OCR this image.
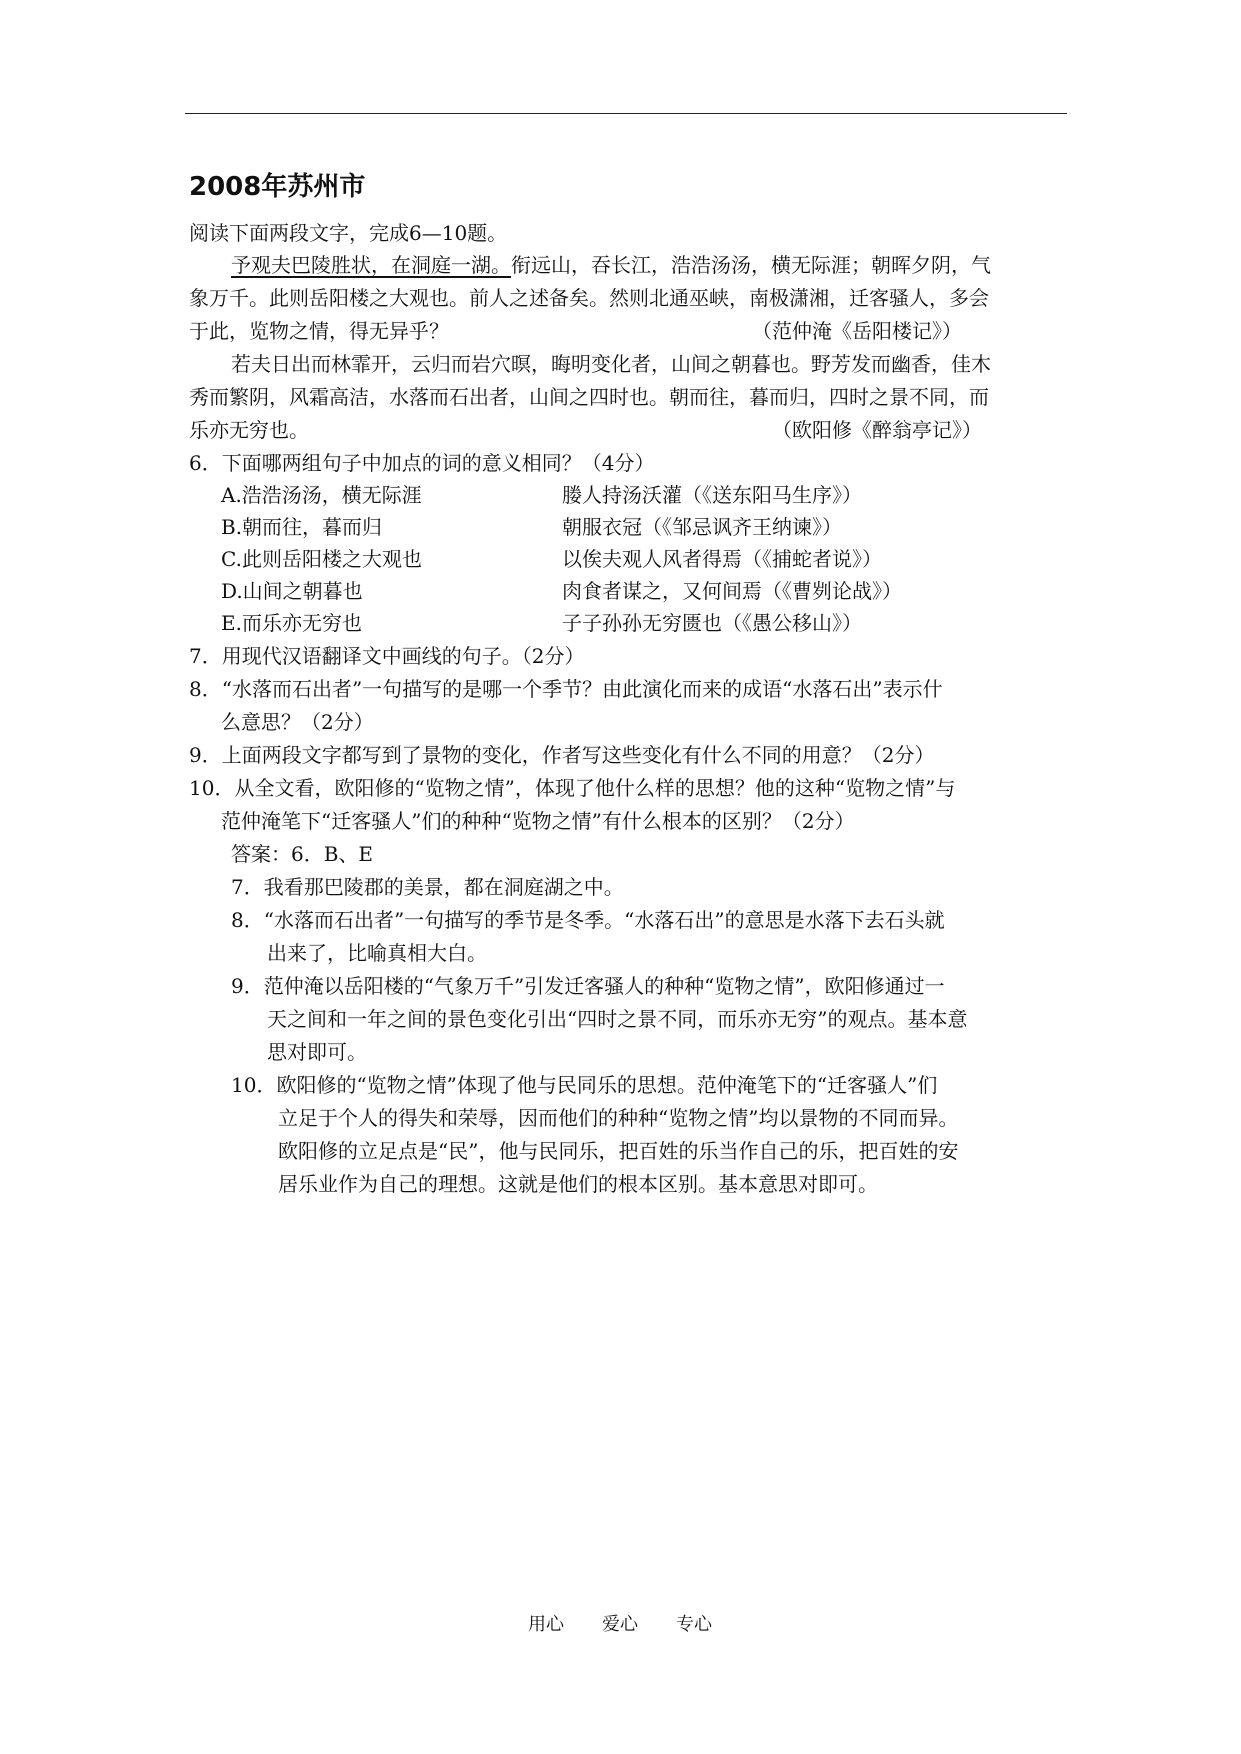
2008年苏州市
阅读下面两段文字，完成6—10题。
予观夫巴陵胜状，在洞庭一湖。衔远山，吞长江，浩浩汤汤，横无际涯；朝晖夕阴，气
象万千。此则岳阳楼之大观也。前人之述备矣。然则北通巫峡，南极潇湘，迁客骚人，多会
于此，览物之情，得无异乎？	（范仲淹《岳阳楼记》）
若夫日出而林霏开，云归而岩穴暝，晦明变化者，山间之朝暮也。野芳发而幽香，佳木
秀而繁阴，风霜高洁，水落而石出者，山间之四时也。朝而往，暮而归，四时之景不同，而
乐亦无穷也。	（欧阳修《醉翁亭记》）
6．下面哪两组句子中加点的词的意义相同？（4分）
A.浩浩汤汤，横无际涯	媵人持汤沃灌（《送东阳马生序》）
B.朝而往，暮而归	朝服衣冠（《邹忌讽齐王纳谏》）
C.此则岳阳楼之大观也	以俟夫观人风者得焉（《捕蛇者说》）
D.山间之朝暮也	肉食者谋之，又何间焉（《曹刿论战》）
E.而乐亦无穷也	子子孙孙无穷匮也（《愚公移山》）
7．用现代汉语翻译文中画线的句子。（2分）
8．“水落而石出者”一句描写的是哪一个季节？由此演化而来的成语“水落石出”表示什
么意思？（2分）
9．上面两段文字都写到了景物的变化，作者写这些变化有什么不同的用意？（2分）
10．从全文看，欧阳修的“览物之情”，体现了他什么样的思想？他的这种“览物之情”与
范仲淹笔下“迁客骚人”们的种种“览物之情”有什么根本的区别？（2分）
答案：6．B、E
7．我看那巴陵郡的美景，都在洞庭湖之中。
8．“水落而石出者”一句描写的季节是冬季。“水落石出”的意思是水落下去石头就
出来了，比喻真相大白。
9．范仲淹以岳阳楼的“气象万千”引发迁客骚人的种种“览物之情”，欧阳修通过一
天之间和一年之间的景色变化引出“四时之景不同，而乐亦无穷”的观点。基本意
思对即可。
10．欧阳修的“览物之情”体现了他与民同乐的思想。范仲淹笔下的“迁客骚人”们
立足于个人的得失和荣辱，因而他们的种种“览物之情”均以景物的不同而异。
欧阳修的立足点是“民”，他与民同乐，把百姓的乐当作自己的乐，把百姓的安
居乐业作为自己的理想。这就是他们的根本区别。基本意思对即可。
用心 爱心 专心
